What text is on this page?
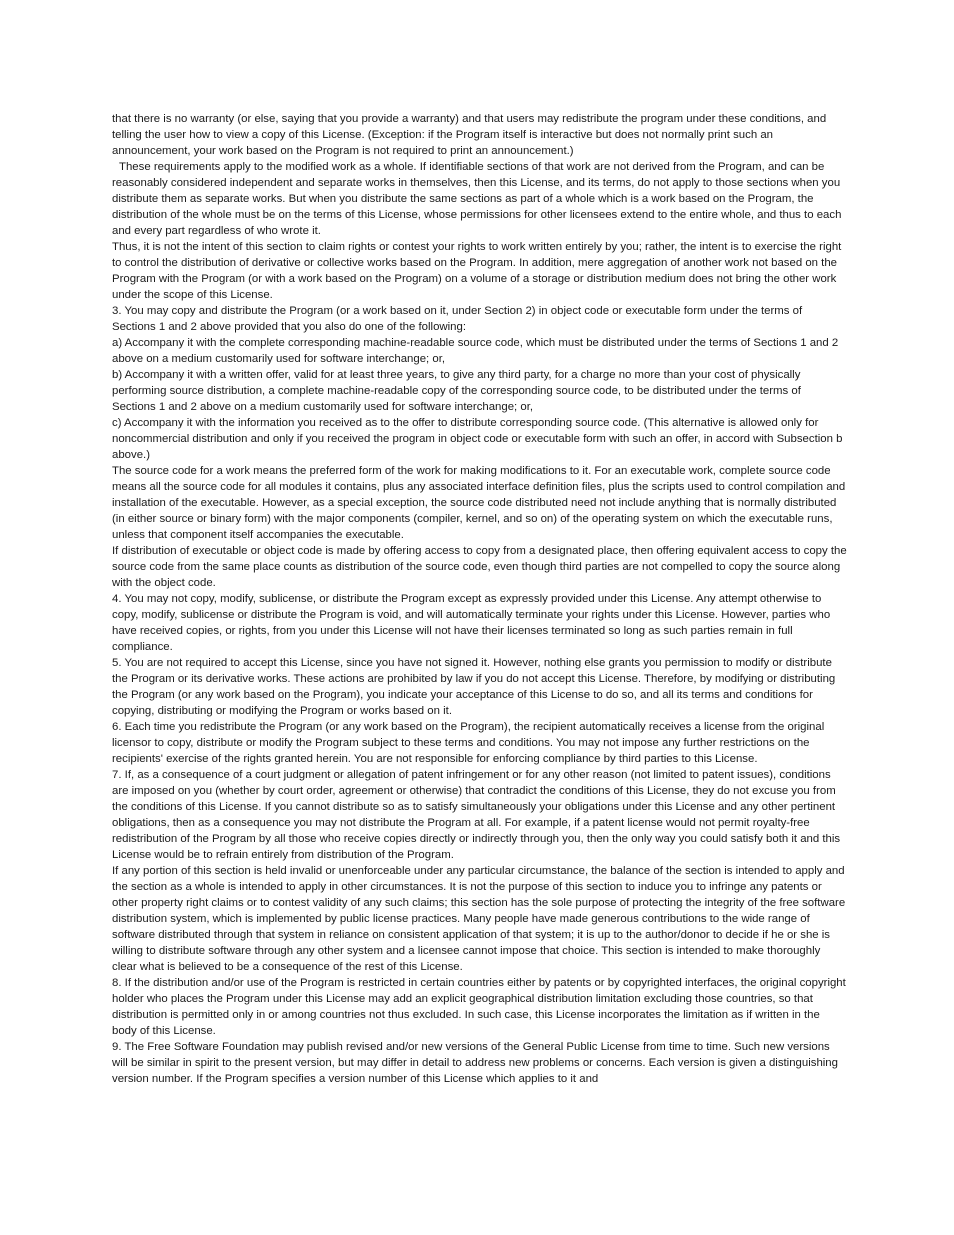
that there is no warranty (or else, saying that you provide a warranty) and that users may redistribute the program under these conditions, and telling the user how to view a copy of this License. (Exception: if the Program itself is interactive but does not normally print such an announcement, your work based on the Program is not required to print an announcement.)

These requirements apply to the modified work as a whole. If identifiable sections of that work are not derived from the Program, and can be reasonably considered independent and separate works in themselves, then this License, and its terms, do not apply to those sections when you distribute them as separate works. But when you distribute the same sections as part of a whole which is a work based on the Program, the distribution of the whole must be on the terms of this License, whose permissions for other licensees extend to the entire whole, and thus to each and every part regardless of who wrote it.

Thus, it is not the intent of this section to claim rights or contest your rights to work written entirely by you; rather, the intent is to exercise the right to control the distribution of derivative or collective works based on the Program. In addition, mere aggregation of another work not based on the Program with the Program (or with a work based on the Program) on a volume of a storage or distribution medium does not bring the other work under the scope of this License.

3. You may copy and distribute the Program (or a work based on it, under Section 2) in object code or executable form under the terms of Sections 1 and 2 above provided that you also do one of the following:

a) Accompany it with the complete corresponding machine-readable source code, which must be distributed under the terms of Sections 1 and 2 above on a medium customarily used for software interchange; or,

b) Accompany it with a written offer, valid for at least three years, to give any third party, for a charge no more than your cost of physically performing source distribution, a complete machine-readable copy of the corresponding source code, to be distributed under the terms of Sections 1 and 2 above on a medium customarily used for software interchange; or,

c) Accompany it with the information you received as to the offer to distribute corresponding source code. (This alternative is allowed only for noncommercial distribution and only if you received the program in object code or executable form with such an offer, in accord with Subsection b above.)

The source code for a work means the preferred form of the work for making modifications to it. For an executable work, complete source code means all the source code for all modules it contains, plus any associated interface definition files, plus the scripts used to control compilation and installation of the executable. However, as a special exception, the source code distributed need not include anything that is normally distributed (in either source or binary form) with the major components (compiler, kernel, and so on) of the operating system on which the executable runs, unless that component itself accompanies the executable.

If distribution of executable or object code is made by offering access to copy from a designated place, then offering equivalent access to copy the source code from the same place counts as distribution of the source code, even though third parties are not compelled to copy the source along with the object code.

4. You may not copy, modify, sublicense, or distribute the Program except as expressly provided under this License. Any attempt otherwise to copy, modify, sublicense or distribute the Program is void, and will automatically terminate your rights under this License. However, parties who have received copies, or rights, from you under this License will not have their licenses terminated so long as such parties remain in full compliance.

5. You are not required to accept this License, since you have not signed it. However, nothing else grants you permission to modify or distribute the Program or its derivative works. These actions are prohibited by law if you do not accept this License. Therefore, by modifying or distributing the Program (or any work based on the Program), you indicate your acceptance of this License to do so, and all its terms and conditions for copying, distributing or modifying the Program or works based on it.

6. Each time you redistribute the Program (or any work based on the Program), the recipient automatically receives a license from the original licensor to copy, distribute or modify the Program subject to these terms and conditions. You may not impose any further restrictions on the recipients' exercise of the rights granted herein. You are not responsible for enforcing compliance by third parties to this License.

7. If, as a consequence of a court judgment or allegation of patent infringement or for any other reason (not limited to patent issues), conditions are imposed on you (whether by court order, agreement or otherwise) that contradict the conditions of this License, they do not excuse you from the conditions of this License. If you cannot distribute so as to satisfy simultaneously your obligations under this License and any other pertinent obligations, then as a consequence you may not distribute the Program at all. For example, if a patent license would not permit royalty-free redistribution of the Program by all those who receive copies directly or indirectly through you, then the only way you could satisfy both it and this License would be to refrain entirely from distribution of the Program.

If any portion of this section is held invalid or unenforceable under any particular circumstance, the balance of the section is intended to apply and the section as a whole is intended to apply in other circumstances. It is not the purpose of this section to induce you to infringe any patents or other property right claims or to contest validity of any such claims; this section has the sole purpose of protecting the integrity of the free software distribution system, which is implemented by public license practices. Many people have made generous contributions to the wide range of software distributed through that system in reliance on consistent application of that system; it is up to the author/donor to decide if he or she is willing to distribute software through any other system and a licensee cannot impose that choice. This section is intended to make thoroughly clear what is believed to be a consequence of the rest of this License.

8. If the distribution and/or use of the Program is restricted in certain countries either by patents or by copyrighted interfaces, the original copyright holder who places the Program under this License may add an explicit geographical distribution limitation excluding those countries, so that distribution is permitted only in or among countries not thus excluded. In such case, this License incorporates the limitation as if written in the body of this License.

9. The Free Software Foundation may publish revised and/or new versions of the General Public License from time to time. Such new versions will be similar in spirit to the present version, but may differ in detail to address new problems or concerns. Each version is given a distinguishing version number. If the Program specifies a version number of this License which applies to it and
